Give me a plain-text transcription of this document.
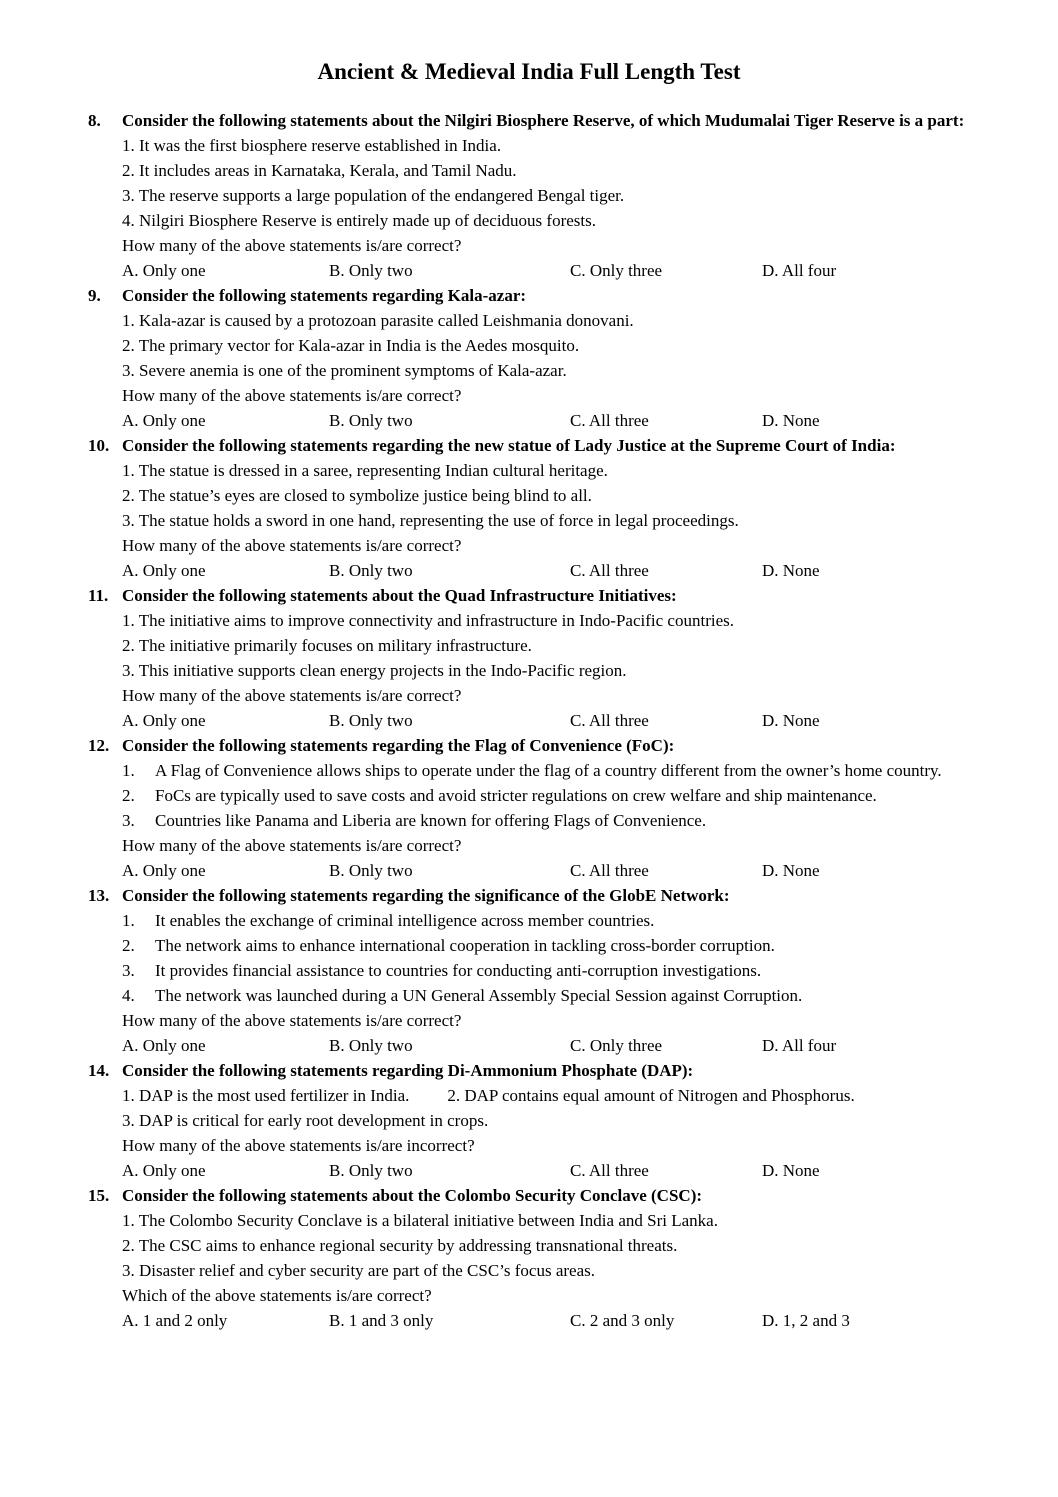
Ancient & Medieval India Full Length Test
8.	Consider the following statements about the Nilgiri Biosphere Reserve, of which Mudumalai Tiger Reserve is a part:
1. It was the first biosphere reserve established in India.
2. It includes areas in Karnataka, Kerala, and Tamil Nadu.
3. The reserve supports a large population of the endangered Bengal tiger.
4. Nilgiri Biosphere Reserve is entirely made up of deciduous forests.
How many of the above statements is/are correct?
A. Only one	B. Only two	C. Only three	D. All four
9.	Consider the following statements regarding Kala-azar:
1. Kala-azar is caused by a protozoan parasite called Leishmania donovani.
2. The primary vector for Kala-azar in India is the Aedes mosquito.
3. Severe anemia is one of the prominent symptoms of Kala-azar.
How many of the above statements is/are correct?
A. Only one	B. Only two	C. All three	D. None
10. Consider the following statements regarding the new statue of Lady Justice at the Supreme Court of India:
1. The statue is dressed in a saree, representing Indian cultural heritage.
2. The statue’s eyes are closed to symbolize justice being blind to all.
3. The statue holds a sword in one hand, representing the use of force in legal proceedings.
How many of the above statements is/are correct?
A. Only one	B. Only two	C. All three	D. None
11. Consider the following statements about the Quad Infrastructure Initiatives:
1. The initiative aims to improve connectivity and infrastructure in Indo-Pacific countries.
2. The initiative primarily focuses on military infrastructure.
3. This initiative supports clean energy projects in the Indo-Pacific region.
How many of the above statements is/are correct?
A. Only one	B. Only two	C. All three	D. None
12. Consider the following statements regarding the Flag of Convenience (FoC):
1.	A Flag of Convenience allows ships to operate under the flag of a country different from the owner’s home country.
2.	FoCs are typically used to save costs and avoid stricter regulations on crew welfare and ship maintenance.
3.	Countries like Panama and Liberia are known for offering Flags of Convenience.
How many of the above statements is/are correct?
A. Only one	B. Only two	C. All three	D. None
13. Consider the following statements regarding the significance of the GlobE Network:
1.	It enables the exchange of criminal intelligence across member countries.
2.	The network aims to enhance international cooperation in tackling cross-border corruption.
3.	It provides financial assistance to countries for conducting anti-corruption investigations.
4.	The network was launched during a UN General Assembly Special Session against Corruption.
How many of the above statements is/are correct?
A. Only one	B. Only two	C. Only three	D. All four
14. Consider the following statements regarding Di-Ammonium Phosphate (DAP):
1. DAP is the most used fertilizer in India. 2. DAP contains equal amount of Nitrogen and Phosphorus.
3. DAP is critical for early root development in crops.
How many of the above statements is/are incorrect?
A. Only one	B. Only two	C. All three	D. None
15. Consider the following statements about the Colombo Security Conclave (CSC):
1. The Colombo Security Conclave is a bilateral initiative between India and Sri Lanka.
2. The CSC aims to enhance regional security by addressing transnational threats.
3. Disaster relief and cyber security are part of the CSC’s focus areas.
Which of the above statements is/are correct?
A. 1 and 2 only	B. 1 and 3 only	C. 2 and 3 only	D. 1, 2 and 3
